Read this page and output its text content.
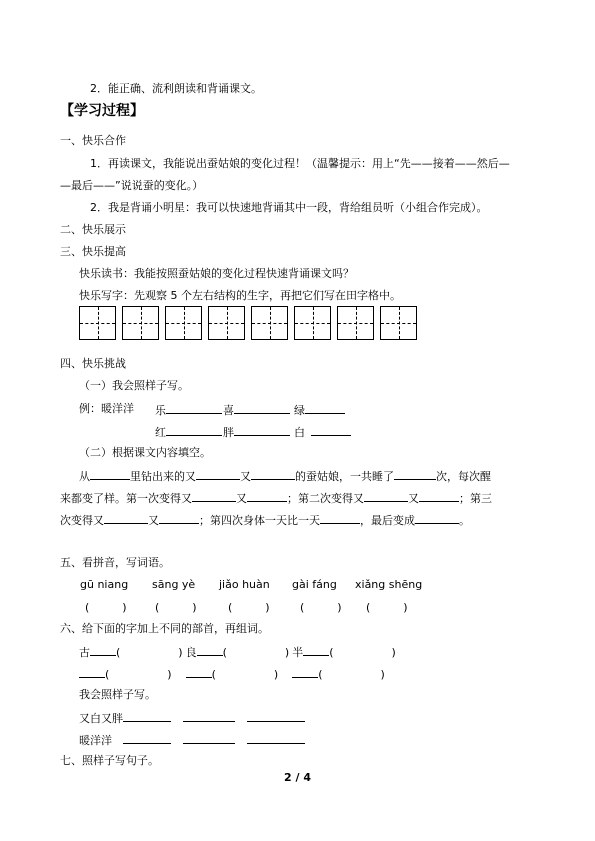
2．能正确、流利朗读和背诵课文。
【学习过程】
一、快乐合作
1．再读课文，我能说出蚕姑娘的变化过程！（温馨提示：用上“先——接着——然后—
—最后——”说说蚕的变化。）
2．我是背诵小明星：我可以快速地背诵其中一段，背给组员听（小组合作完成）。
二、快乐展示
三、快乐提高
快乐读书：我能按照蚕姑娘的变化过程快速背诵课文吗？
快乐写字：先观察 5 个左右结构的生字，再把它们写在田字格中。
四、快乐挑战
（一）我会照样子写。
例：暖洋洋 乐	喜	绿
红	胖	白
（二）根据课文内容填空。
从	里钻出来的又	又	的蚕姑娘，一共睡了	次，每次醒
来都变了样。第一次变得又	又	；第二次变得又	又	；第三
次变得又	又	；第四次身体一天比一天	，最后变成	。
五、看拼音，写词语。
gū niang sāng yè jiǎo huàn gài fáng xiǎng shēng
(　　　)	(　　　)	(　　　)	(　　　) (　　　)
六、给下面的字加上不同的部首，再组词。
古 (	) 良 (	) 半 (	)
(	)	(	)	(	)
我会照样子写。
又白又胖
暖洋洋
七、照样子写句子。
2 / 4
